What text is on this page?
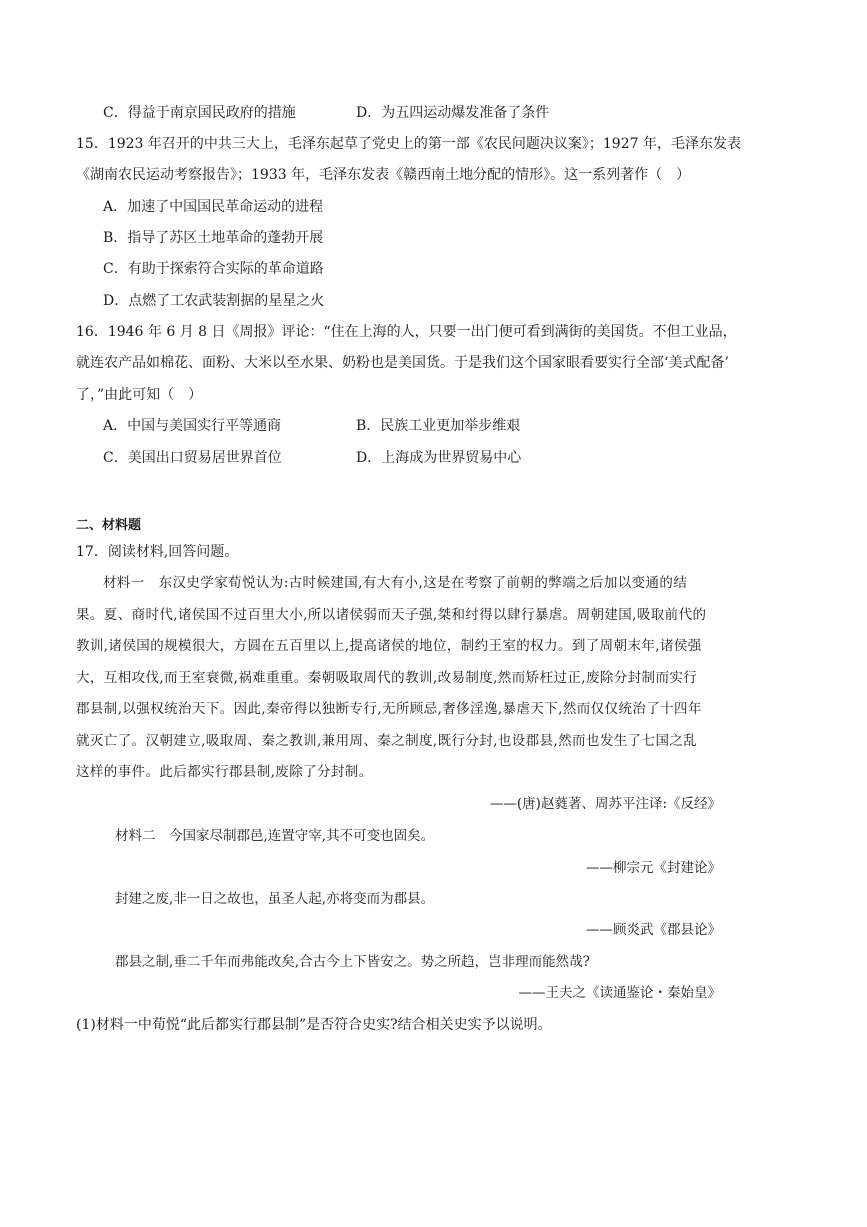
C．得益于南京国民政府的措施	D．为五四运动爆发准备了条件
15．1923 年召开的中共三大上，毛泽东起草了党史上的第一部《农民问题决议案》；1927 年，毛泽东发表
《湖南农民运动考察报告》；1933 年，毛泽东发表《赣西南土地分配的情形》。这一系列著作（　）
A．加速了中国国民革命运动的进程
B．指导了苏区土地革命的蓬勃开展
C．有助于探索符合实际的革命道路
D．点燃了工农武装割据的星星之火
16．1946 年 6 月 8 日《周报》评论：“住在上海的人，只要一出门便可看到满街的美国货。不但工业品，
就连农产品如棉花、面粉、大米以至水果、奶粉也是美国货。于是我们这个国家眼看要实行全部‘美式配备’
了，”由此可知（　）
A．中国与美国实行平等通商	B．民族工业更加举步维艰
C．美国出口贸易居世界首位	D．上海成为世界贸易中心
二、材料题
17．阅读材料,回答问题。

材料一　东汉史学家荀悦认为:古时候建国,有大有小,这是在考察了前朝的弊端之后加以变通的结

果。夏、商时代,诸侯国不过百里大小,所以诸侯弱而天子强,桀和纣得以肆行暴虐。周朝建国,吸取前代的

教训,诸侯国的规模很大，方圆在五百里以上,提高诸侯的地位，制约王室的权力。到了周朝末年,诸侯强

大，互相攻伐,而王室衰微,祸难重重。秦朝吸取周代的教训,改易制度,然而矫枉过正,废除分封制而实行

郡县制,以强权统治天下。因此,秦帝得以独断专行,无所顾忌,奢侈淫逸,暴虐天下,然而仅仅统治了十四年

就灭亡了。汉朝建立,吸取周、秦之教训,兼用周、秦之制度,既行分封,也设郡县,然而也发生了七国之乱

这样的事件。此后都实行郡县制,废除了分封制。

——(唐)赵蕤著、周苏平注译:《反经》
材料二　今国家尽制郡邑,连置守宰,其不可变也固矣。
——柳宗元《封建论》
封建之废,非一日之故也，虽圣人起,亦将变而为郡县。
——顾炎武《郡县论》
郡县之制,垂二千年而弗能改矣,合古今上下皆安之。势之所趋，岂非理而能然哉?
——王夫之《读通鉴论・秦始皇》
(1)材料一中荀悦“此后都实行郡县制”是否符合史实?结合相关史实予以说明。
